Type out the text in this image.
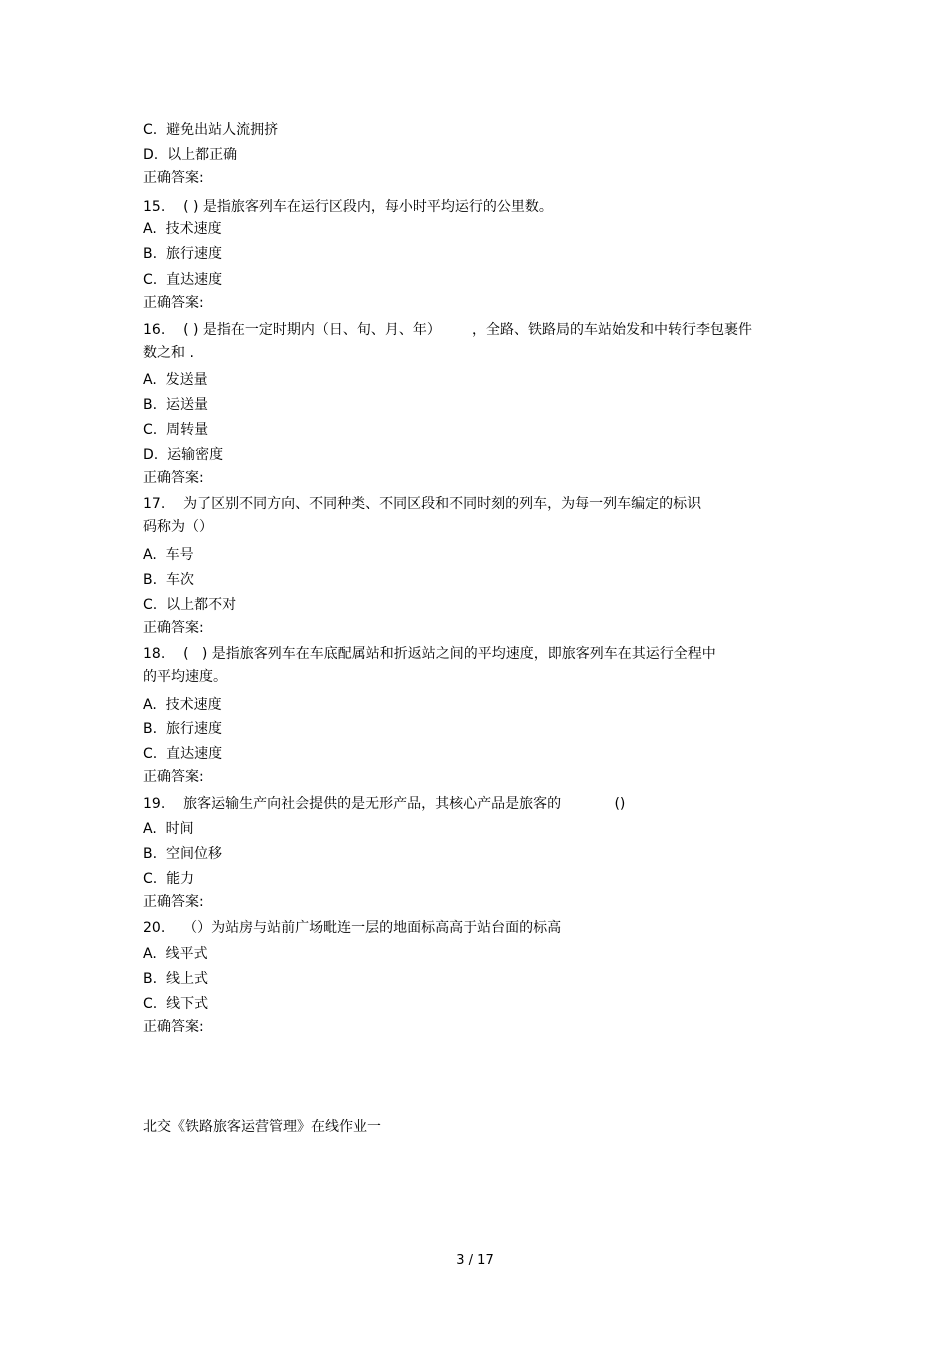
C.  避免出站人流拥挤
D.  以上都正确
正确答案:
15.    ( ) 是指旅客列车在运行区段内，每小时平均运行的公里数。
A.  技术速度
B.  旅行速度
C.  直达速度
正确答案:
16.    ( ) 是指在一定时期内（日、旬、月、年）       ，全路、铁路局的车站始发和中转行李包裹件
数之和 .
A.  发送量
B.  运送量
C.  周转量
D.  运输密度
正确答案:
17.    为了区别不同方向、不同种类、不同区段和不同时刻的列车，为每一列车编定的标识
码称为（）
A.  车号
B.  车次
C.  以上都不对
正确答案:
18.    (   ) 是指旅客列车在车底配属站和折返站之间的平均速度，即旅客列车在其运行全程中
的平均速度。
A.  技术速度
B.  旅行速度
C.  直达速度
正确答案:
19.    旅客运输生产向社会提供的是无形产品，其核心产品是旅客的            ()
A.  时间
B.  空间位移
C.  能力
正确答案:
20.    （）为站房与站前广场毗连一层的地面标高高于站台面的标高
A.  线平式
B.  线上式
C.  线下式
正确答案:
北交《铁路旅客运营管理》在线作业一
3 / 17
